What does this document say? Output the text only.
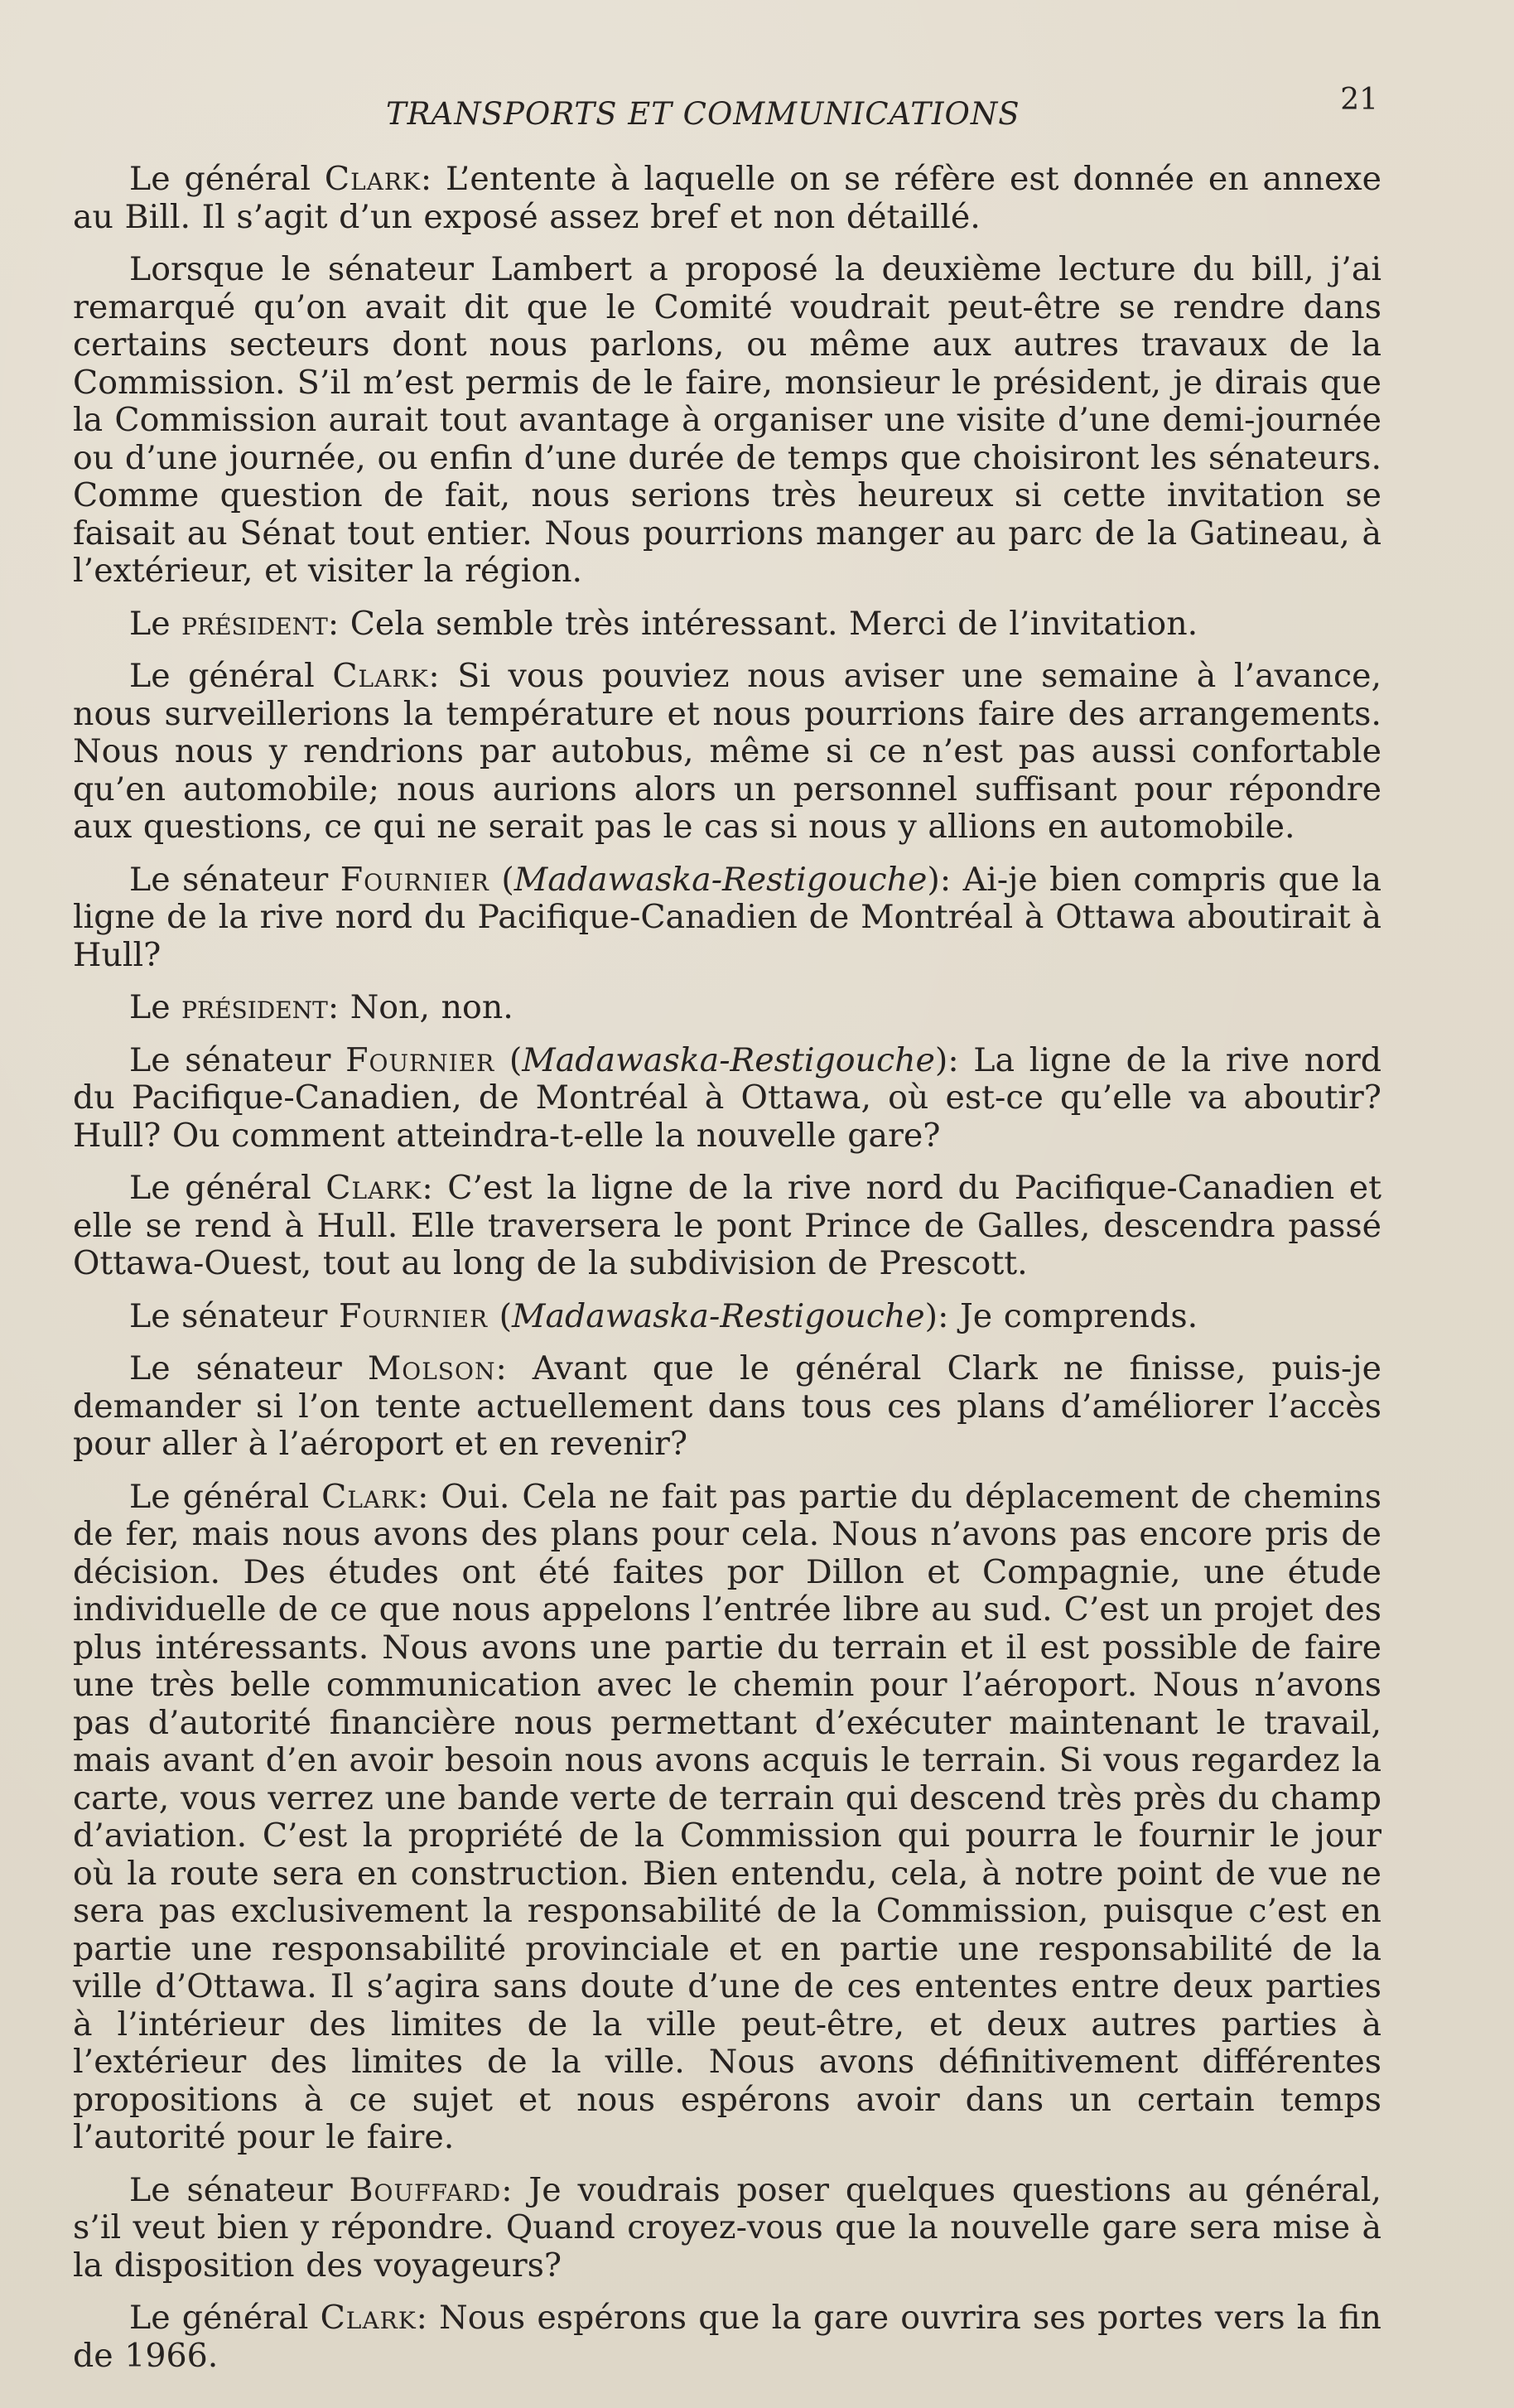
TRANSPORTS ET COMMUNICATIONS	21

Le général Clark: L’entente à laquelle on se réfère est donnée en annexe au Bill. Il s’agit d’un exposé assez bref et non détaillé.

Lorsque le sénateur Lambert a proposé la deuxième lecture du bill, j’ai remarqué qu’on avait dit que le Comité voudrait peut-être se rendre dans certains secteurs dont nous parlons, ou même aux autres travaux de la Commission. S’il m’est permis de le faire, monsieur le président, je dirais que la Commission aurait tout avantage à organiser une visite d’une demi-journée ou d’une journée, ou enfin d’une durée de temps que choisiront les sénateurs. Comme question de fait, nous serions très heureux si cette invitation se faisait au Sénat tout entier. Nous pourrions manger au parc de la Gatineau, à l’extérieur, et visiter la région.

Le président: Cela semble très intéressant. Merci de l’invitation.

Le général Clark: Si vous pouviez nous aviser une semaine à l’avance, nous surveillerions la température et nous pourrions faire des arrangements. Nous nous y rendrions par autobus, même si ce n’est pas aussi confortable qu’en automobile; nous aurions alors un personnel suffisant pour répondre aux questions, ce qui ne serait pas le cas si nous y allions en automobile.

Le sénateur Fournier (Madawaska-Restigouche): Ai-je bien compris que la ligne de la rive nord du Pacifique-Canadien de Montréal à Ottawa aboutirait à Hull?

Le président: Non, non.

Le sénateur Fournier (Madawaska-Restigouche): La ligne de la rive nord du Pacifique-Canadien, de Montréal à Ottawa, où est-ce qu’elle va aboutir? Hull? Ou comment atteindra-t-elle la nouvelle gare?

Le général Clark: C’est la ligne de la rive nord du Pacifique-Canadien et elle se rend à Hull. Elle traversera le pont Prince de Galles, descendra passé Ottawa-Ouest, tout au long de la subdivision de Prescott.

Le sénateur Fournier (Madawaska-Restigouche): Je comprends.

Le sénateur Molson: Avant que le général Clark ne finisse, puis-je demander si l’on tente actuellement dans tous ces plans d’améliorer l’accès pour aller à l’aéroport et en revenir?

Le général Clark: Oui. Cela ne fait pas partie du déplacement de chemins de fer, mais nous avons des plans pour cela. Nous n’avons pas encore pris de décision. Des études ont été faites por Dillon et Compagnie, une étude individuelle de ce que nous appelons l’entrée libre au sud. C’est un projet des plus intéressants. Nous avons une partie du terrain et il est possible de faire une très belle communication avec le chemin pour l’aéroport. Nous n’avons pas d’autorité financière nous permettant d’exécuter maintenant le travail, mais avant d’en avoir besoin nous avons acquis le terrain. Si vous regardez la carte, vous verrez une bande verte de terrain qui descend très près du champ d’aviation. C’est la propriété de la Commission qui pourra le fournir le jour où la route sera en construction. Bien entendu, cela, à notre point de vue ne sera pas exclusivement la responsabilité de la Commission, puisque c’est en partie une responsabilité provinciale et en partie une responsabilité de la ville d’Ottawa. Il s’agira sans doute d’une de ces ententes entre deux parties à l’intérieur des limites de la ville peut-être, et deux autres parties à l’extérieur des limites de la ville. Nous avons définitivement différentes propositions à ce sujet et nous espérons avoir dans un certain temps l’autorité pour le faire.

Le sénateur Bouffard: Je voudrais poser quelques questions au général, s’il veut bien y répondre. Quand croyez-vous que la nouvelle gare sera mise à la disposition des voyageurs?

Le général Clark: Nous espérons que la gare ouvrira ses portes vers la fin de 1966.
